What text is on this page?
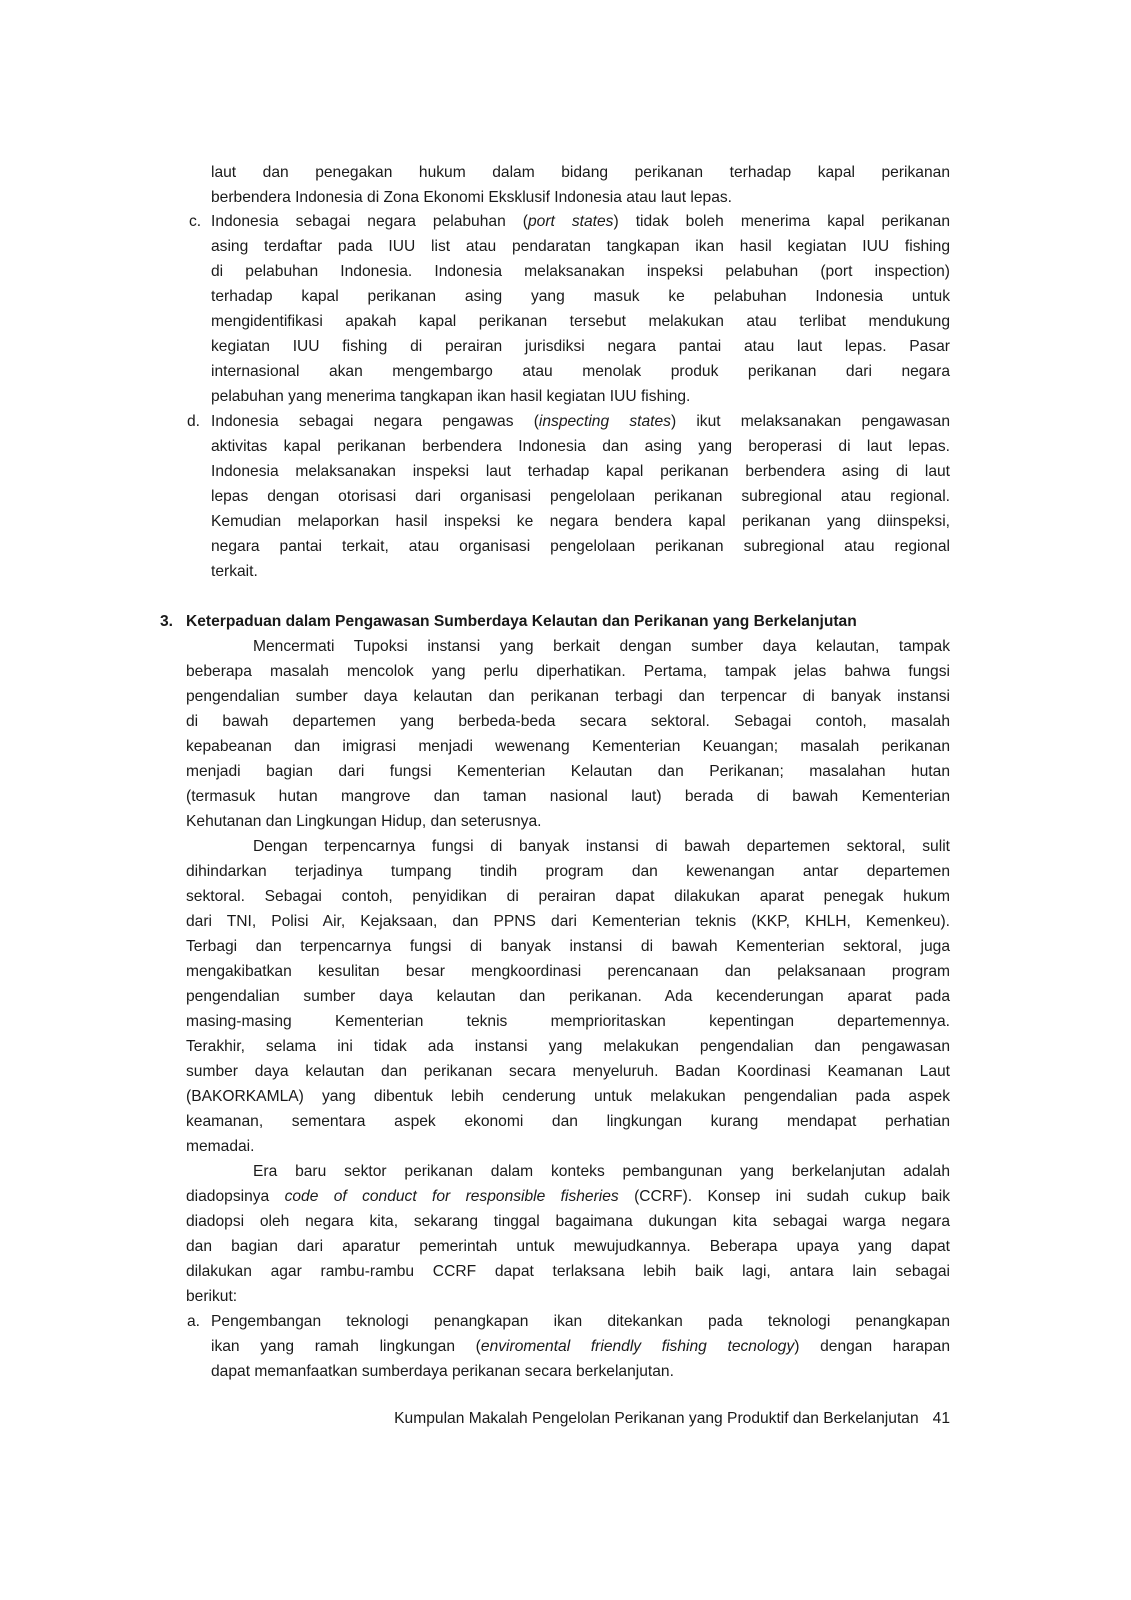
laut dan penegakan hukum dalam bidang perikanan terhadap kapal perikanan
berbendera Indonesia di Zona Ekonomi Eksklusif Indonesia atau laut lepas.
c. Indonesia sebagai negara pelabuhan (port states) tidak boleh menerima kapal perikanan
asing terdaftar pada IUU list atau pendaratan tangkapan ikan hasil kegiatan IUU fishing
di pelabuhan Indonesia. Indonesia melaksanakan inspeksi pelabuhan (port inspection)
terhadap kapal perikanan asing yang masuk ke pelabuhan Indonesia untuk
mengidentifikasi apakah kapal perikanan tersebut melakukan atau terlibat mendukung
kegiatan IUU fishing di perairan jurisdiksi negara pantai atau laut lepas. Pasar
internasional akan mengembargo atau menolak produk perikanan dari negara
pelabuhan yang menerima tangkapan ikan hasil kegiatan IUU fishing.
d. Indonesia sebagai negara pengawas (inspecting states) ikut melaksanakan pengawasan
aktivitas kapal perikanan berbendera Indonesia dan asing yang beroperasi di laut lepas.
Indonesia melaksanakan inspeksi laut terhadap kapal perikanan berbendera asing di laut
lepas dengan otorisasi dari organisasi pengelolaan perikanan subregional atau regional.
Kemudian melaporkan hasil inspeksi ke negara bendera kapal perikanan yang diinspeksi,
negara pantai terkait, atau organisasi pengelolaan perikanan subregional atau regional
terkait.
3. Keterpaduan dalam Pengawasan Sumberdaya Kelautan dan Perikanan yang Berkelanjutan
Mencermati Tupoksi instansi yang berkait dengan sumber daya kelautan, tampak
beberapa masalah mencolok yang perlu diperhatikan. Pertama, tampak jelas bahwa fungsi
pengendalian sumber daya kelautan dan perikanan terbagi dan terpencar di banyak instansi
di bawah departemen yang berbeda-beda secara sektoral. Sebagai contoh, masalah
kepabeanan dan imigrasi menjadi wewenang Kementerian Keuangan; masalah perikanan
menjadi bagian dari fungsi Kementerian Kelautan dan Perikanan; masalahan hutan
(termasuk hutan mangrove dan taman nasional laut) berada di bawah Kementerian
Kehutanan dan Lingkungan Hidup, dan seterusnya.
Dengan terpencarnya fungsi di banyak instansi di bawah departemen sektoral, sulit
dihindarkan terjadinya tumpang tindih program dan kewenangan antar departemen
sektoral. Sebagai contoh, penyidikan di perairan dapat dilakukan aparat penegak hukum
dari TNI, Polisi Air, Kejaksaan, dan PPNS dari Kementerian teknis (KKP, KHLH, Kemenkeu).
Terbagi dan terpencarnya fungsi di banyak instansi di bawah Kementerian sektoral, juga
mengakibatkan kesulitan besar mengkoordinasi perencanaan dan pelaksanaan program
pengendalian sumber daya kelautan dan perikanan. Ada kecenderungan aparat pada
masing-masing Kementerian teknis memprioritaskan kepentingan departemennya.
Terakhir, selama ini tidak ada instansi yang melakukan pengendalian dan pengawasan
sumber daya kelautan dan perikanan secara menyeluruh. Badan Koordinasi Keamanan Laut
(BAKORKAMLA) yang dibentuk lebih cenderung untuk melakukan pengendalian pada aspek
keamanan, sementara aspek ekonomi dan lingkungan kurang mendapat perhatian
memadai.
Era baru sektor perikanan dalam konteks pembangunan yang berkelanjutan adalah
diadopsinya code of conduct for responsible fisheries (CCRF). Konsep ini sudah cukup baik
diadopsi oleh negara kita, sekarang tinggal bagaimana dukungan kita sebagai warga negara
dan bagian dari aparatur pemerintah untuk mewujudkannya. Beberapa upaya yang dapat
dilakukan agar rambu-rambu CCRF dapat terlaksana lebih baik lagi, antara lain sebagai
berikut:
a. Pengembangan teknologi penangkapan ikan ditekankan pada teknologi penangkapan
ikan yang ramah lingkungan (enviromental friendly fishing tecnology) dengan harapan
dapat memanfaatkan sumberdaya perikanan secara berkelanjutan.
Kumpulan Makalah Pengelolan Perikanan yang Produktif dan Berkelanjutan 41
